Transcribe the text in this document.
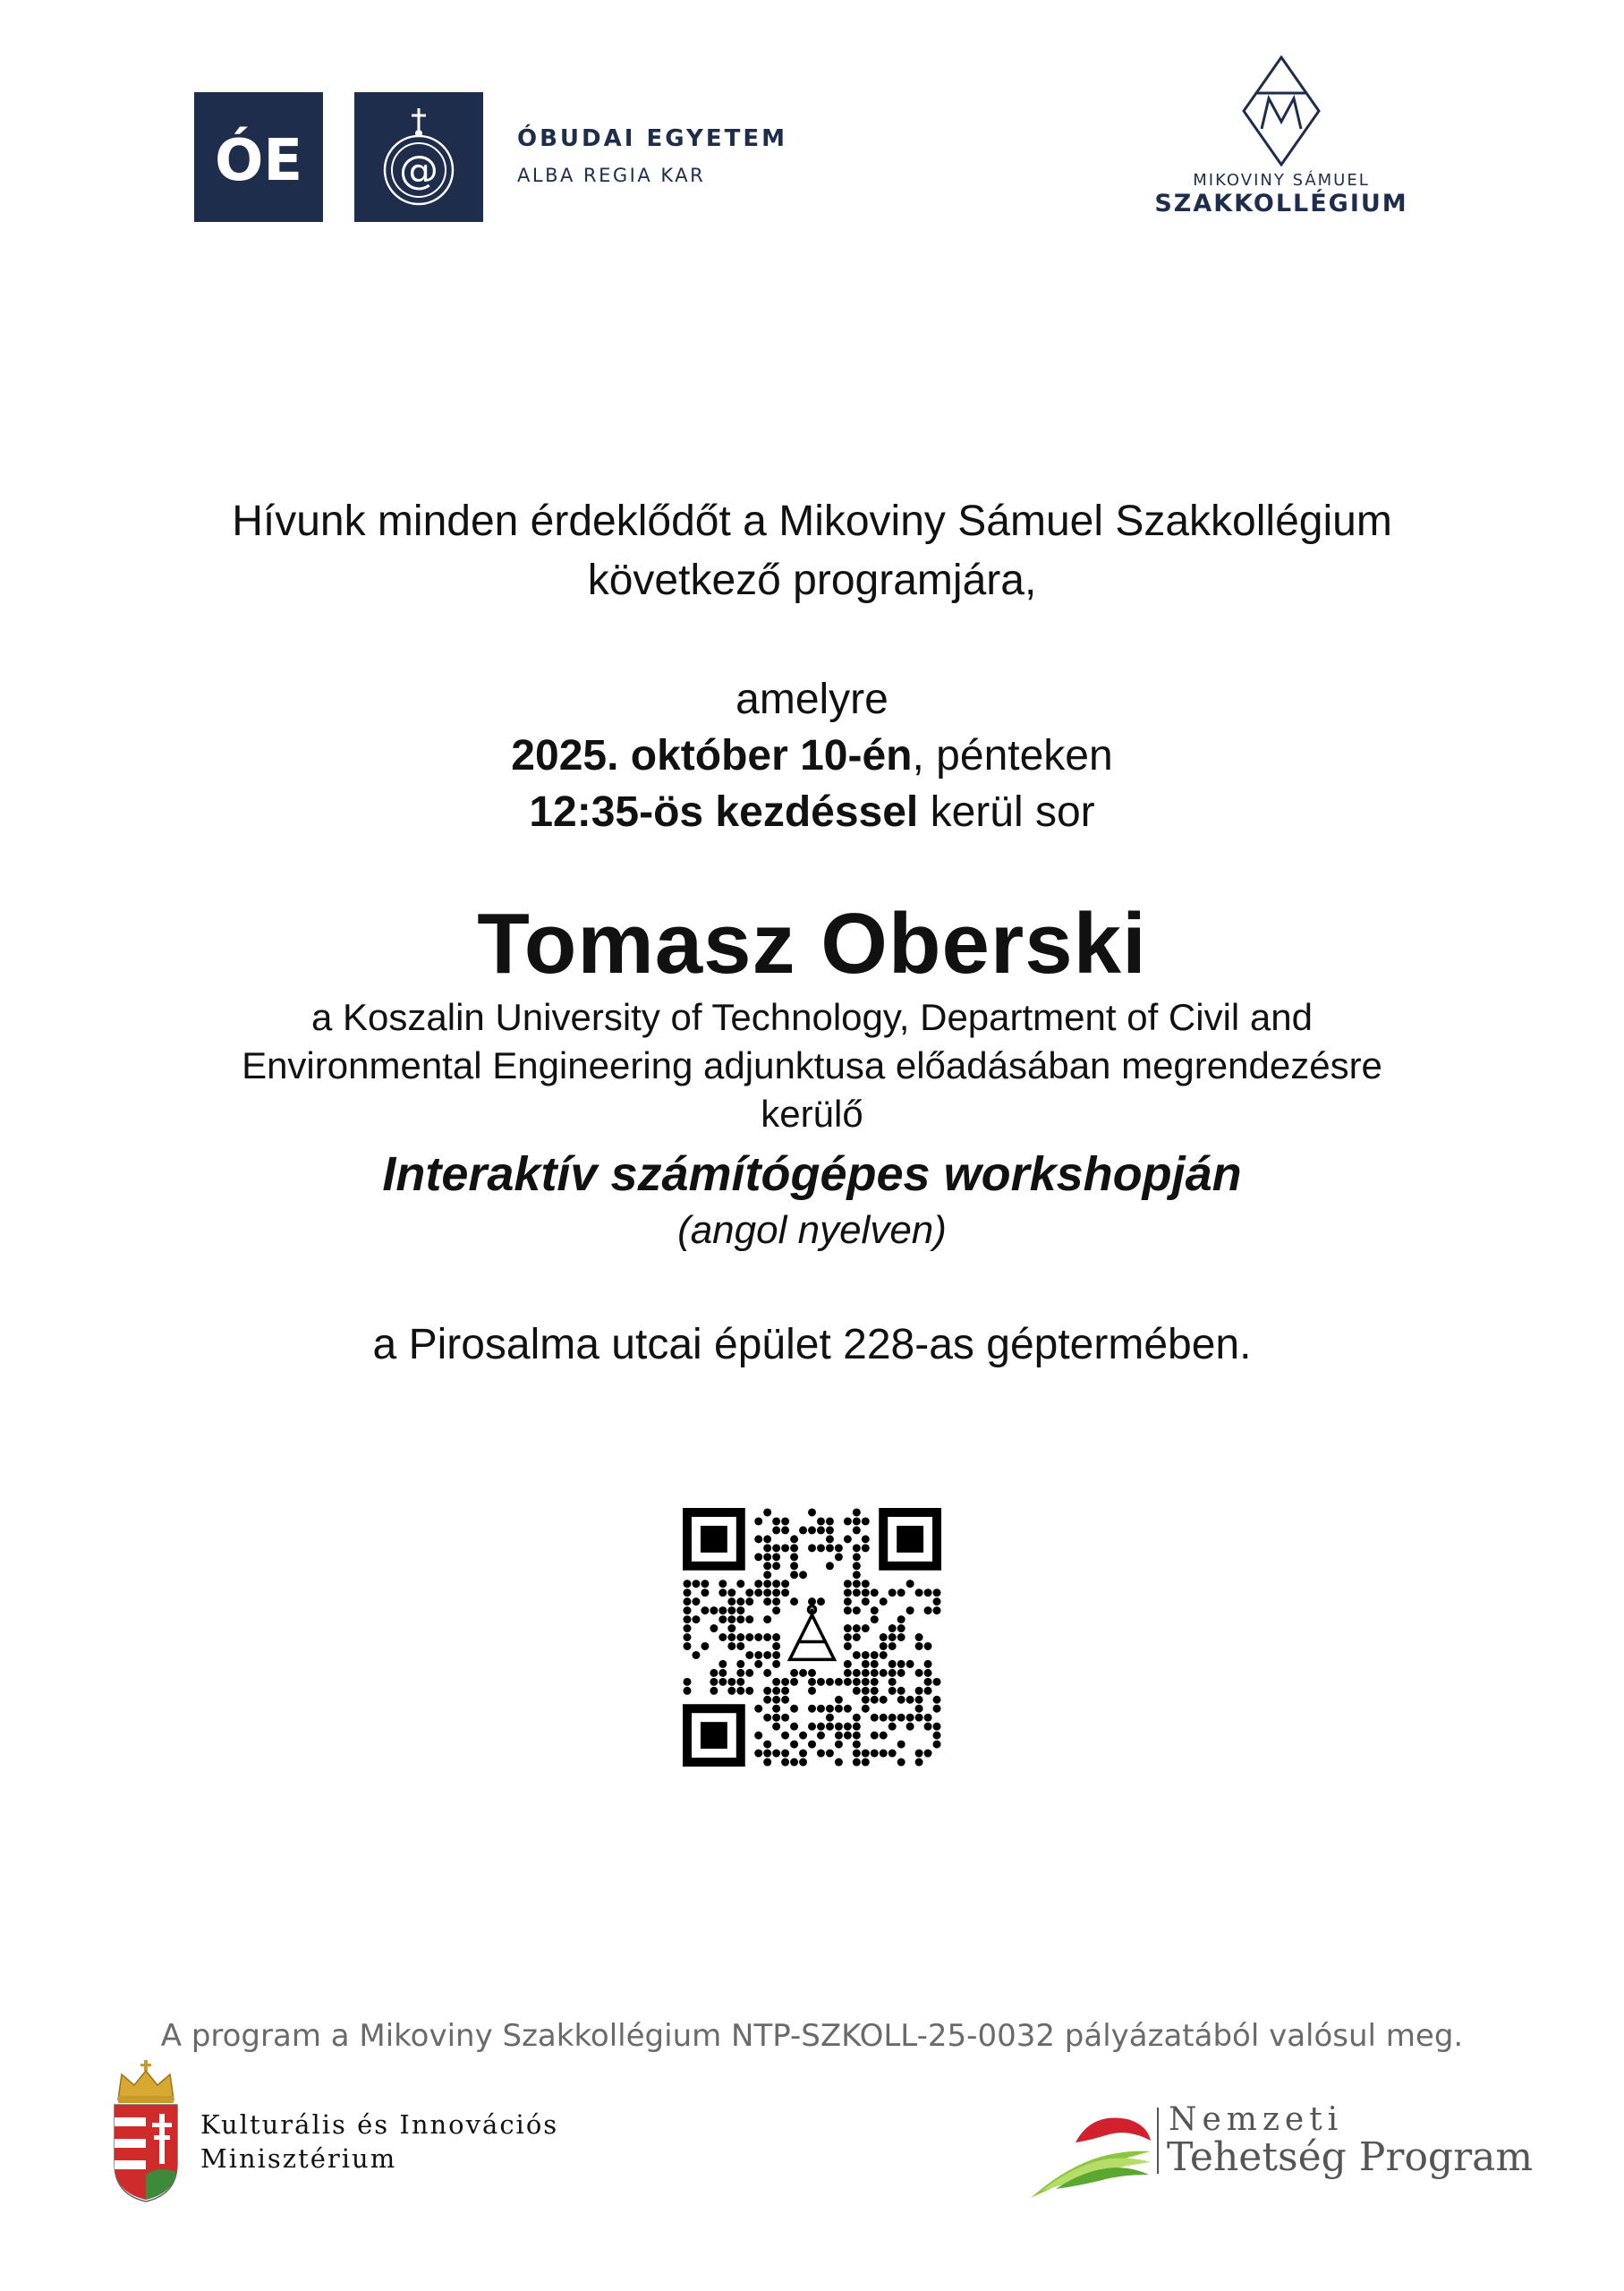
ÓE @
ÓBUDAI EGYETEM
ALBA REGIA KAR	MIKOVINY SÁMUEL
SZAKKOLLÉGIUM
Hívunk minden érdeklődőt a Mikoviny Sámuel Szakkollégium
következő programjára,
amelyre
2025. október 10-én, pénteken
12:35-ös kezdéssel kerül sor
Tomasz Oberski
a Koszalin University of Technology, Department of Civil and
Environmental Engineering adjunktusa előadásában megrendezésre
kerülő
Interaktív számítógépes workshopján
(angol nyelven)
a Pirosalma utcai épület 228-as géptermében.
A program a Mikoviny Szakkollégium NTP-SZKOLL-25-0032 pályázatából valósul meg.
Kulturális és Innovációs
Minisztérium
Nemzeti
Tehetség Program
